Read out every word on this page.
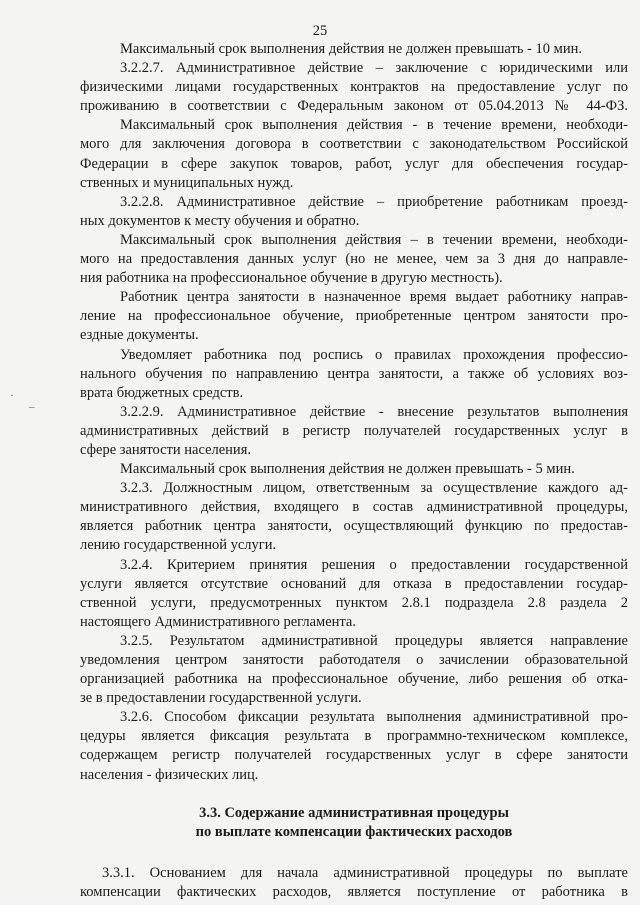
25
˯
–

Максимальный срок выполнения действия не должен превышать - 10 мин.

3.2.2.7. Административное действие – заключение с юридическими или
физическими лицами государственных контрактов на предоставление услуг по
проживанию в соответствии с Федеральным законом от 05.04.2013 № 44-ФЗ.

Максимальный срок выполнения действия - в течение времени, необходи-
мого для заключения договора в соответствии с законодательством Российской
Федерации в сфере закупок товаров, работ, услуг для обеспечения государ-
ственных и муниципальных нужд.

3.2.2.8. Административное действие – приобретение работникам проезд-
ных документов к месту обучения и обратно.

Максимальный срок выполнения действия – в течении времени, необходи-
мого на предоставления данных услуг (но не менее, чем за 3 дня до направле-
ния работника на профессиональное обучение в другую местность).

Работник центра занятости в назначенное время выдает работнику направ-
ление на профессиональное обучение, приобретенные центром занятости про-
ездные документы.

Уведомляет работника под роспись о правилах прохождения профессио-
нального обучения по направлению центра занятости, а также об условиях воз-
врата бюджетных средств.

3.2.2.9. Административное действие - внесение результатов выполнения
административных действий в регистр получателей государственных услуг в
сфере занятости населения.

Максимальный срок выполнения действия не должен превышать - 5 мин.

3.2.3. Должностным лицом, ответственным за осуществление каждого ад-
министративного действия, входящего в состав административной процедуры,
является работник центра занятости, осуществляющий функцию по предостав-
лению государственной услуги.

3.2.4. Критерием принятия решения о предоставлении государственной
услуги является отсутствие оснований для отказа в предоставлении государ-
ственной услуги, предусмотренных пунктом 2.8.1 подраздела 2.8 раздела 2
настоящего Административного регламента.

3.2.5. Результатом административной процедуры является направление
уведомления центром занятости работодателя о зачислении образовательной
организацией работника на профессиональное обучение, либо решения об отка-
зе в предоставлении государственной услуги.

3.2.6. Способом фиксации результата выполнения административной про-
цедуры является фиксация результата в программно-техническом комплексе,
содержащем регистр получателей государственных услуг в сфере занятости
населения - физических лиц.

3.3. Содержание административная процедуры
по выплате компенсации фактических расходов

3.3.1. Основанием для начала административной процедуры по выплате
компенсации фактических расходов, является поступление от работника в
